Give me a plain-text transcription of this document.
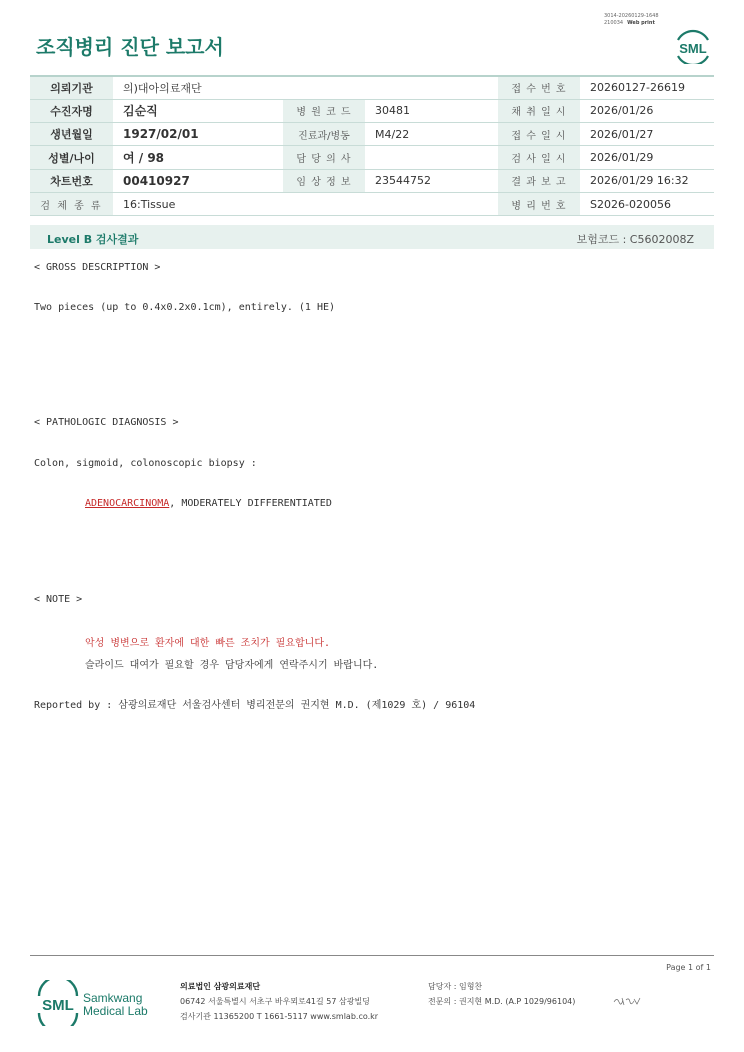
3014-20260129-1648
210034 Web print
조직병리 진단 보고서	SML
의뢰기관	의)대아의료재단			접 수 번 호	20260127-26619
수진자명	김순직	병 원 코 드	30481	채 취 일 시	2026/01/26
생년월일	1927/02/01	진료과/병동	M4/22	접 수 일 시	2026/01/27
성별/나이	여 / 98	담 당 의 사		검 사 일 시	2026/01/29
차트번호	00410927	임 상 정 보	23544752	결 과 보 고	2026/01/29 16:32
검 체 종 류	16:Tissue			병 리 번 호	S2026-020056
Level B 검사결과	보험코드 : C5602008Z
< GROSS DESCRIPTION >
Two pieces (up to 0.4x0.2x0.1cm), entirely. (1 HE)
< PATHOLOGIC DIAGNOSIS >
Colon, sigmoid, colonoscopic biopsy :
ADENOCARCINOMA, MODERATELY DIFFERENTIATED
< NOTE >
악성 병변으로 환자에 대한 빠른 조치가 필요합니다.
슬라이드 대여가 필요할 경우 담당자에게 연락주시기 바랍니다.
Reported by : 삼광의료재단 서울검사센터 병리전문의 권지현 M.D. (제1029 호) / 96104
Page 1 of 1
SML Samkwang
Medical Lab
의료법인 삼광의료재단
06742 서울특별시 서초구 바우뫼로41길 57 삼광빌딩
검사기관 11365200 T 1661-5117 www.smlab.co.kr
담당자 : 임형찬
전문의 : 권지현 M.D. (A.P 1029/96104)
